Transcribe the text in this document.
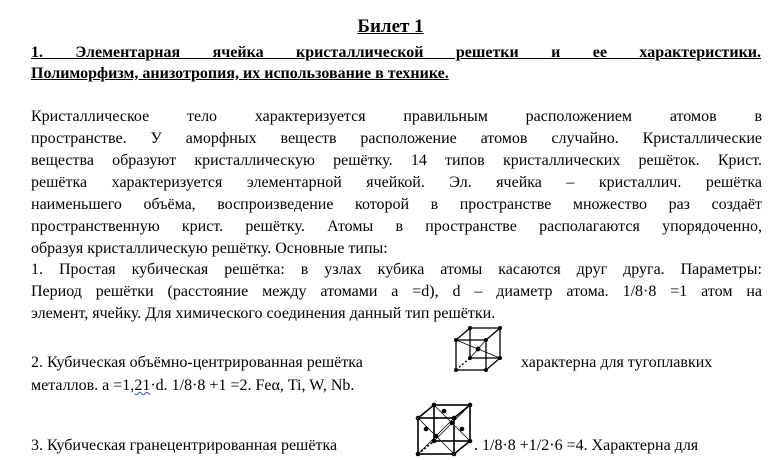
Билет 1
1. Элементарная ячейка кристаллической решетки и ее характеристики.
Полиморфизм, анизотропия, их использование в технике.
Кристаллическое тело характеризуется правильным расположением атомов в
пространстве. У аморфных веществ расположение атомов случайно. Кристаллические
вещества образуют кристаллическую решётку. 14 типов кристаллических решёток. Крист.
решётка характеризуется элементарной ячейкой. Эл. ячейка – кристаллич. решётка
наименьшего объёма, воспроизведение которой в пространстве множество раз создаёт
пространственную крист. решётку. Атомы в пространстве располагаются упорядоченно,
образуя кристаллическую решётку. Основные типы:
1. Простая кубическая решётка: в узлах кубика атомы касаются друг друга. Параметры:
Период решётки (расстояние между атомами а =d), d – диаметр атома. 1/8·8 =1 атом на
элемент, ячейку. Для химического соединения данный тип решётки.
2. Кубическая объёмно-центрированная решётка	характерна для тугоплавких
металлов. а =1,21·d. 1/8·8 +1 =2. Feα, Ti, W, Nb.
3. Кубическая гранецентрированная решётка	. 1/8·8 +1/2·6 =4. Характерна для
